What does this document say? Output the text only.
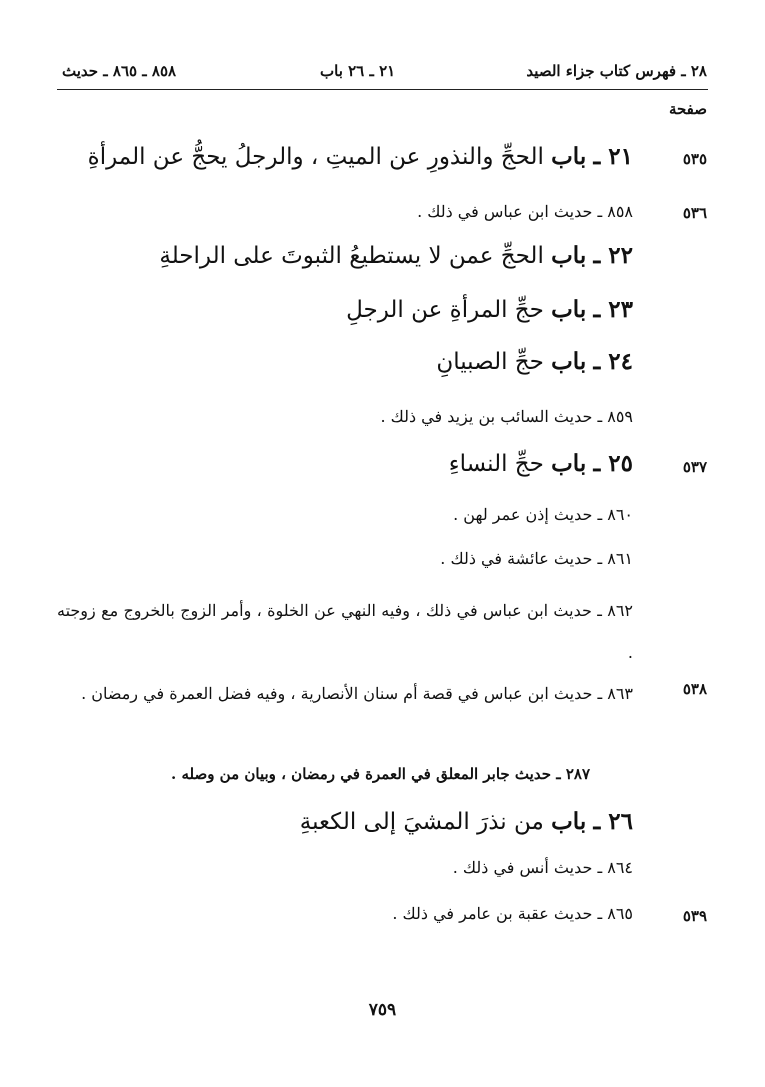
٢٨ ـ فهرس كتاب جزاء الصيد
٢١ ـ ٢٦ باب
٨٥٨ ـ ٨٦٥ ـ حديث
صفحة
٥٣٥
٢١ ـ باب الحجِّ والنذورِ عن الميتِ ، والرجلُ يحجُّ عن المرأةِ
٥٣٦
٨٥٨ ـ حديث ابن عباس في ذلك .
٢٢ ـ باب الحجِّ عمن لا يستطيعُ الثبوتَ على الراحلةِ
٢٣ ـ باب حجِّ المرأةِ عن الرجلِ
٢٤ ـ باب حجِّ الصبيانِ
٨٥٩ ـ حديث السائب بن يزيد في ذلك .
٥٣٧
٢٥ ـ باب حجِّ النساءِ
٨٦٠ ـ حديث إذن عمر لهن .
٨٦١ ـ حديث عائشة في ذلك .
٨٦٢ ـ حديث ابن عباس في ذلك ، وفيه النهي عن الخلوة ، وأمر الزوج بالخروج مع زوجته .
٥٣٨
٨٦٣ ـ حديث ابن عباس في قصة أم سنان الأنصارية ، وفيه فضل العمرة في رمضان .
٢٨٧ ـ حديث جابر المعلق في العمرة في رمضان ، وبيان من وصله .
٢٦ ـ باب من نذرَ المشيَ إلى الكعبةِ
٨٦٤ ـ حديث أنس في ذلك .
٥٣٩
٨٦٥ ـ حديث عقبة بن عامر في ذلك .
٧٥٩
